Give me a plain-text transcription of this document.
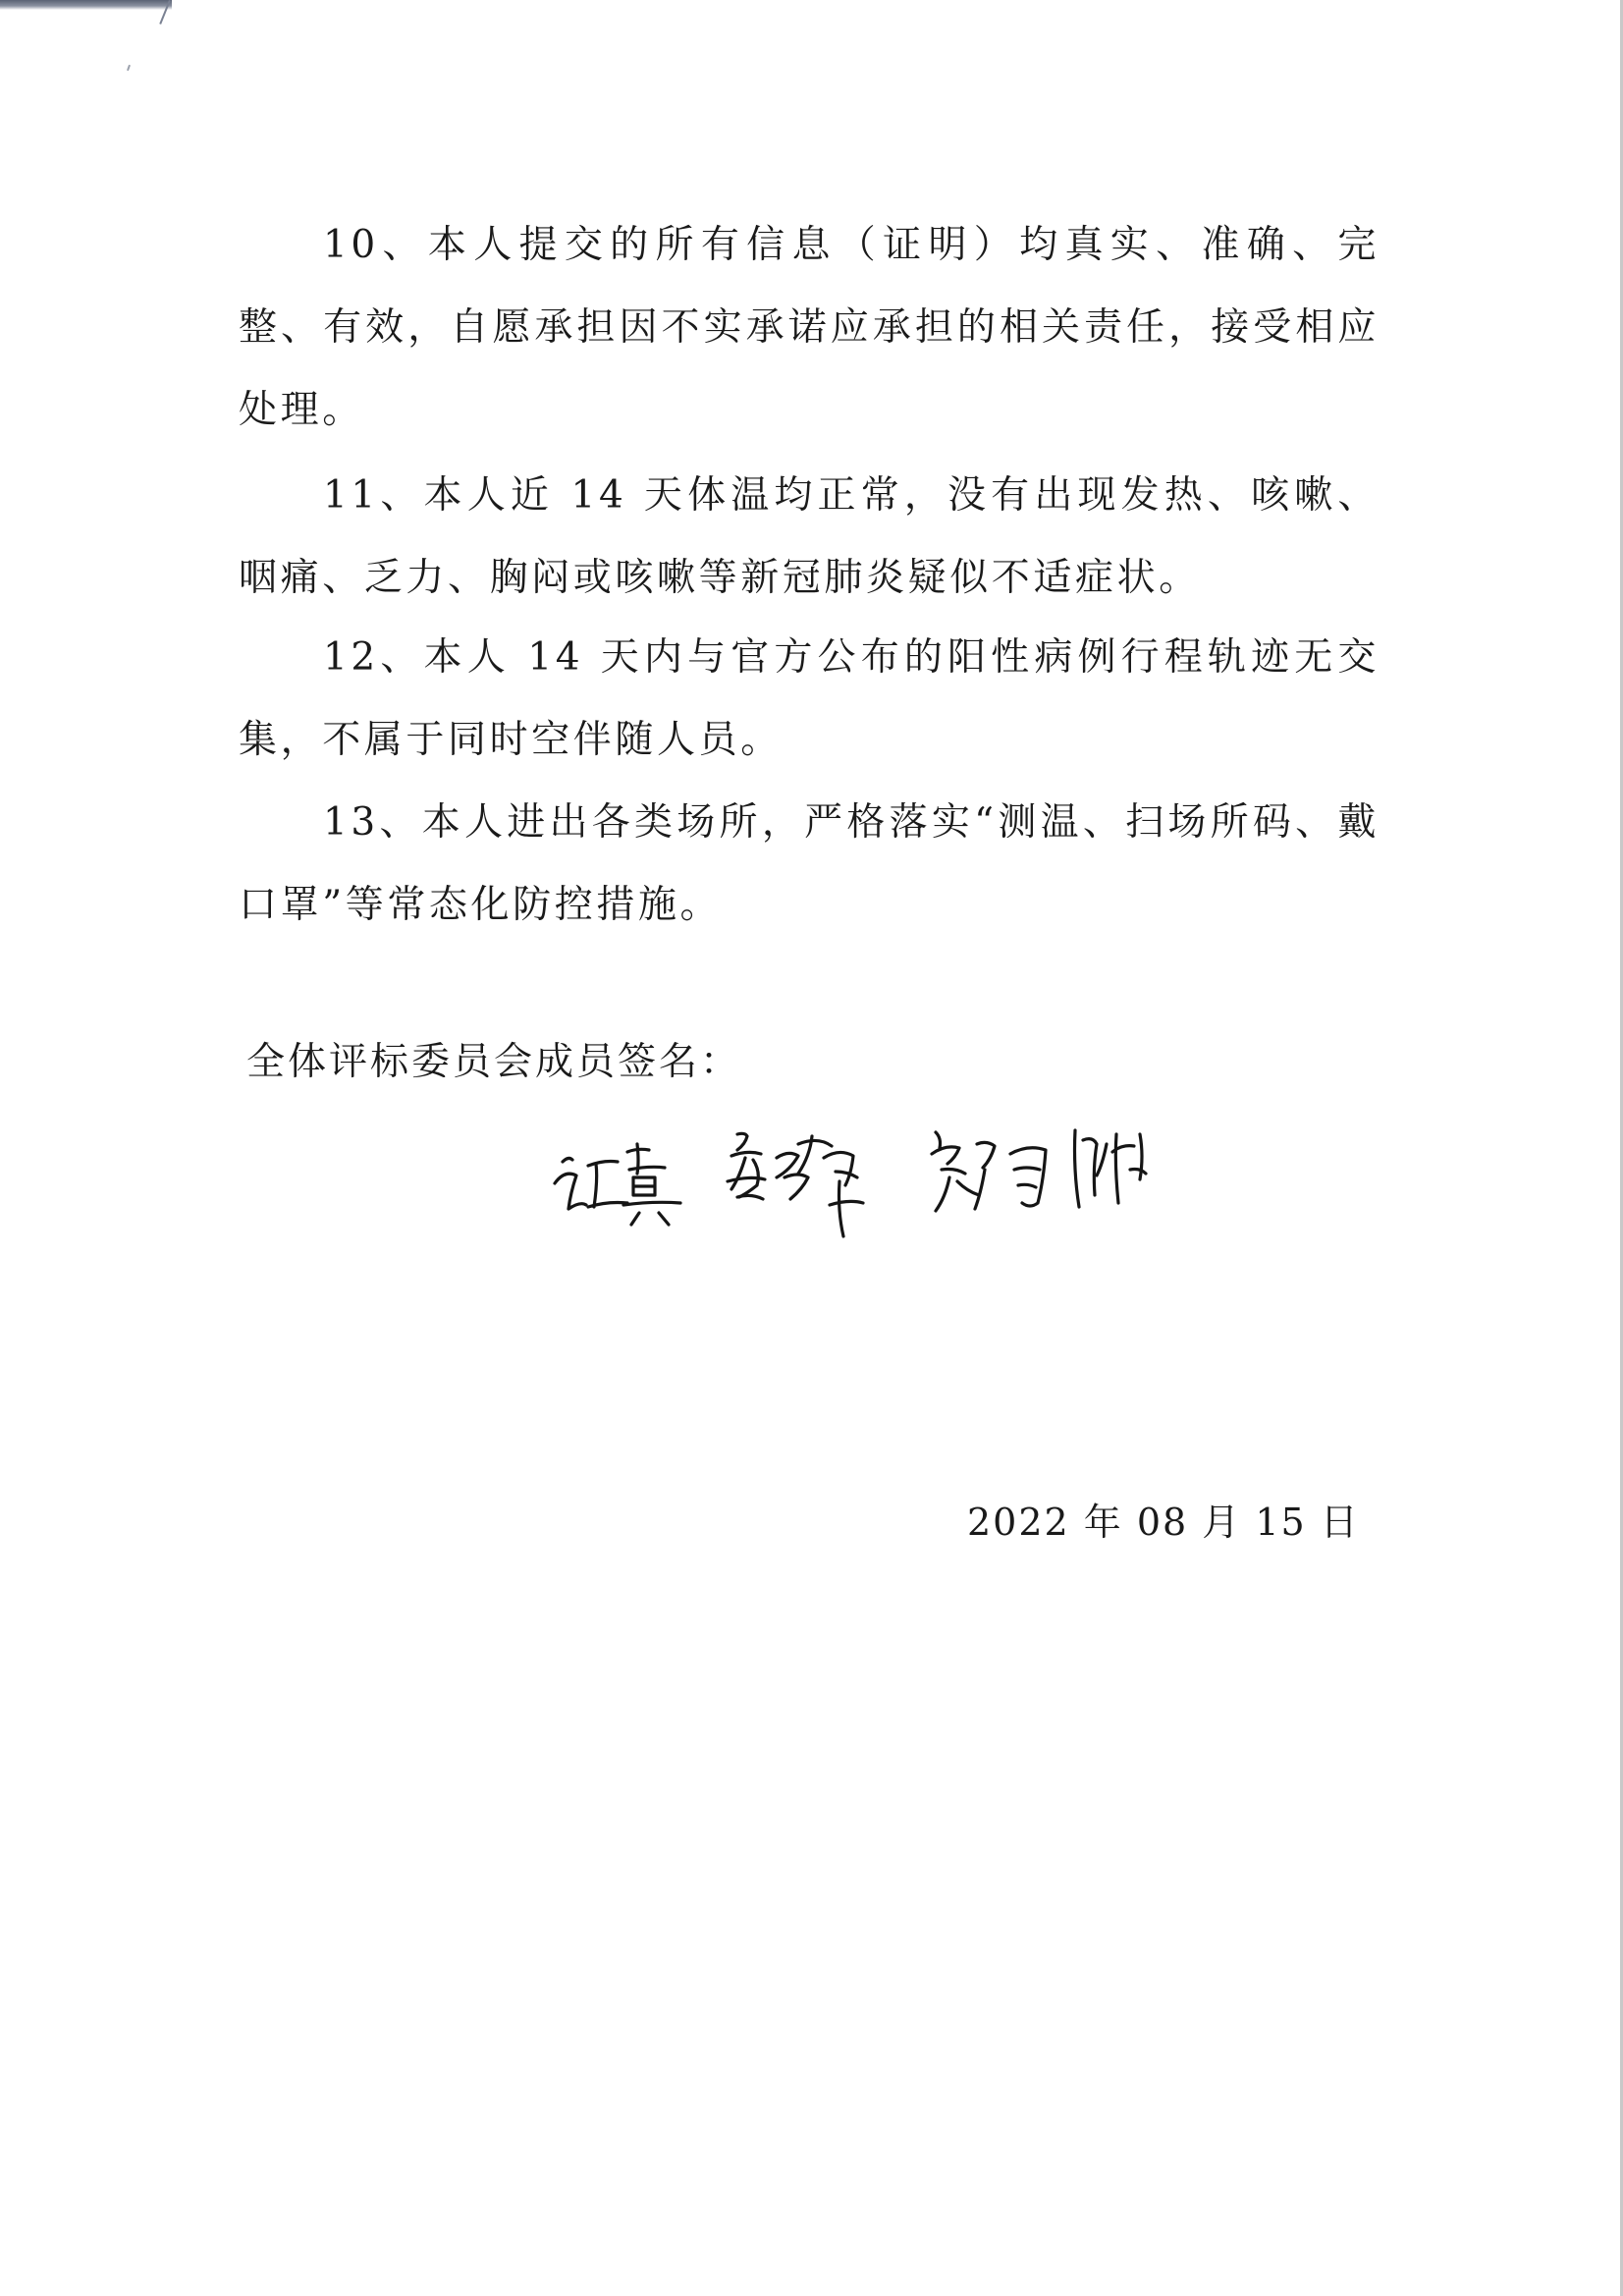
10、本人提交的所有信息（证明）均真实、准确、完整、有效，自愿承担因不实承诺应承担的相关责任，接受相应处理。

11、本人近 14 天体温均正常，没有出现发热、咳嗽、咽痛、乏力、胸闷或咳嗽等新冠肺炎疑似不适症状。

12、本人 14 天内与官方公布的阳性病例行程轨迹无交集，不属于同时空伴随人员。

13、本人进出各类场所，严格落实“测温、扫场所码、戴口罩”等常态化防控措施。

全体评标委员会成员签名：

2022 年 08 月 15 日
